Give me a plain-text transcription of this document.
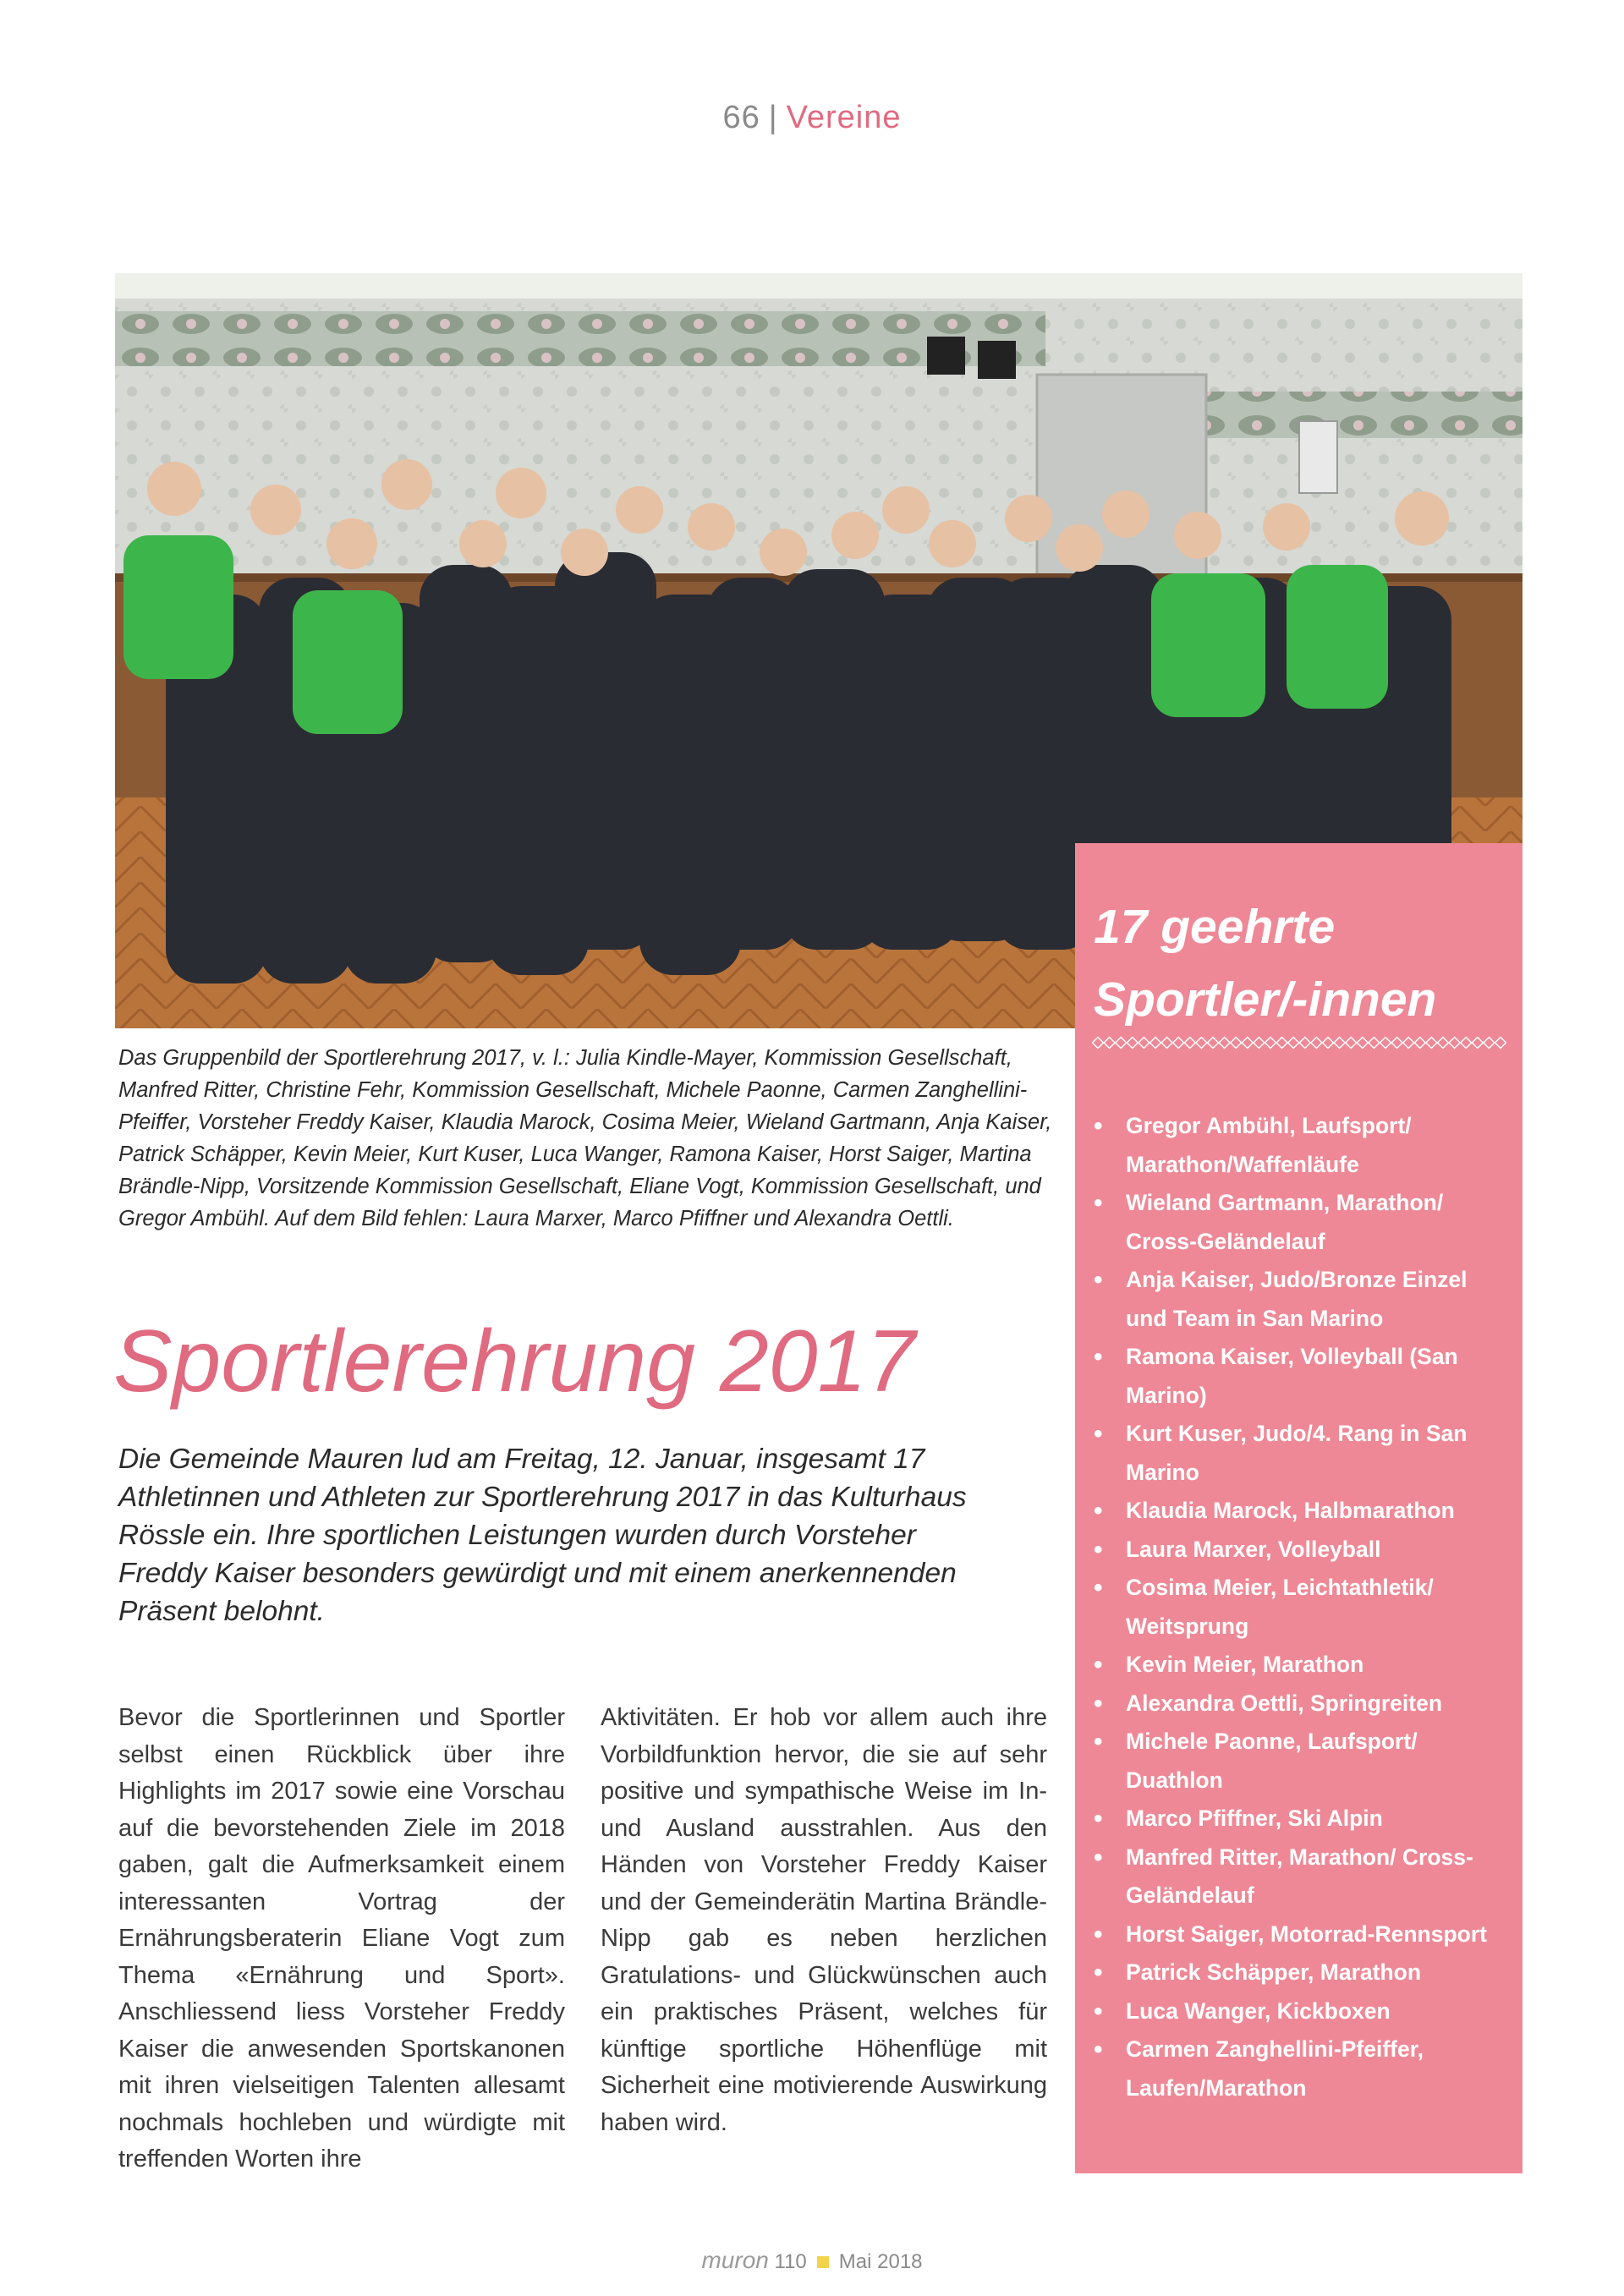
66 | Vereine
Das Gruppenbild der Sportlerehrung 2017, v. l.: Julia Kindle-Mayer, Kommission Gesellschaft, Manfred Ritter, Christine Fehr, Kommission Gesellschaft, Michele Paonne, Carmen Zanghellini-Pfeiffer, Vorsteher Freddy Kaiser, Klaudia Marock, Cosima Meier, Wieland Gartmann, Anja Kaiser, Patrick Schäpper, Kevin Meier, Kurt Kuser, Luca Wanger, Ramona Kaiser, Horst Saiger, Martina Brändle-Nipp, Vorsitzende Kommission Gesellschaft, Eliane Vogt, Kommission Gesellschaft, und Gregor Ambühl. Auf dem Bild fehlen: Laura Marxer, Marco Pfiffner und Alexandra Oettli.
Sportlerehrung 2017
Die Gemeinde Mauren lud am Freitag, 12. Januar, insgesamt 17 Athletinnen und Athleten zur Sportlerehrung 2017 in das Kulturhaus Rössle ein. Ihre sportlichen Leistungen wurden durch Vorsteher Freddy Kaiser besonders gewürdigt und mit einem anerkennenden Präsent belohnt.
Bevor die Sportlerinnen und Sportler selbst einen Rückblick über ihre Highlights im 2017 sowie eine Vorschau auf die bevorstehenden Ziele im 2018 gaben, galt die Aufmerksamkeit einem interessanten Vortrag der Ernährungsberaterin Eliane Vogt zum Thema «Ernährung und Sport». Anschliessend liess Vorsteher Freddy Kaiser die anwesenden Sportskanonen mit ihren vielseitigen Talenten allesamt nochmals hochleben und würdigte mit treffenden Worten ihre
Aktivitäten. Er hob vor allem auch ihre Vorbildfunktion hervor, die sie auf sehr positive und sympathische Weise im In- und Ausland ausstrahlen. Aus den Händen von Vorsteher Freddy Kaiser und der Gemeinderätin Martina Brändle-Nipp gab es neben herzlichen Gratulations- und Glückwünschen auch ein praktisches Präsent, welches für künftige sportliche Höhenflüge mit Sicherheit eine motivierende Auswirkung haben wird.
17 geehrte
Sportler/-innen
• Gregor Ambühl, Laufsport/ Marathon/Waffenläufe
• Wieland Gartmann, Marathon/ Cross-Geländelauf
• Anja Kaiser, Judo/Bronze Einzel und Team in San Marino
• Ramona Kaiser, Volleyball (San Marino)
• Kurt Kuser, Judo/4. Rang in San Marino
• Klaudia Marock, Halbmarathon
• Laura Marxer, Volleyball
• Cosima Meier, Leichtathletik/ Weitsprung
• Kevin Meier, Marathon
• Alexandra Oettli, Springreiten
• Michele Paonne, Laufsport/ Duathlon
• Marco Pfiffner, Ski Alpin
• Manfred Ritter, Marathon/ Cross-Geländelauf
• Horst Saiger, Motorrad-Rennsport
• Patrick Schäpper, Marathon
• Luca Wanger, Kickboxen
• Carmen Zanghellini-Pfeiffer, Laufen/Marathon
muron 110 Mai 2018
